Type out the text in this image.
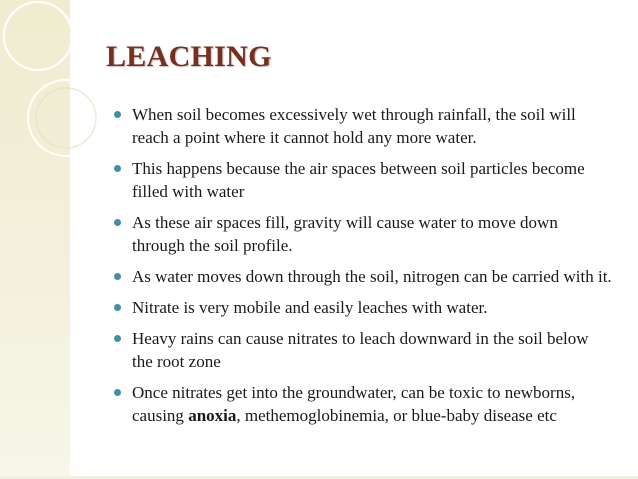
LEACHING
When soil becomes excessively wet through rainfall, the soil will reach a point where it cannot hold any more water.
This happens because the air spaces between soil particles become filled with water
As these air spaces fill, gravity will cause water to move down through the soil profile.
As water moves down through the soil, nitrogen can be carried with it.
Nitrate is very mobile and easily leaches with water.
Heavy rains can cause nitrates to leach downward in the soil below the root zone
Once nitrates get into the groundwater, can be toxic to newborns, causing anoxia, methemoglobinemia, or blue-baby disease etc
